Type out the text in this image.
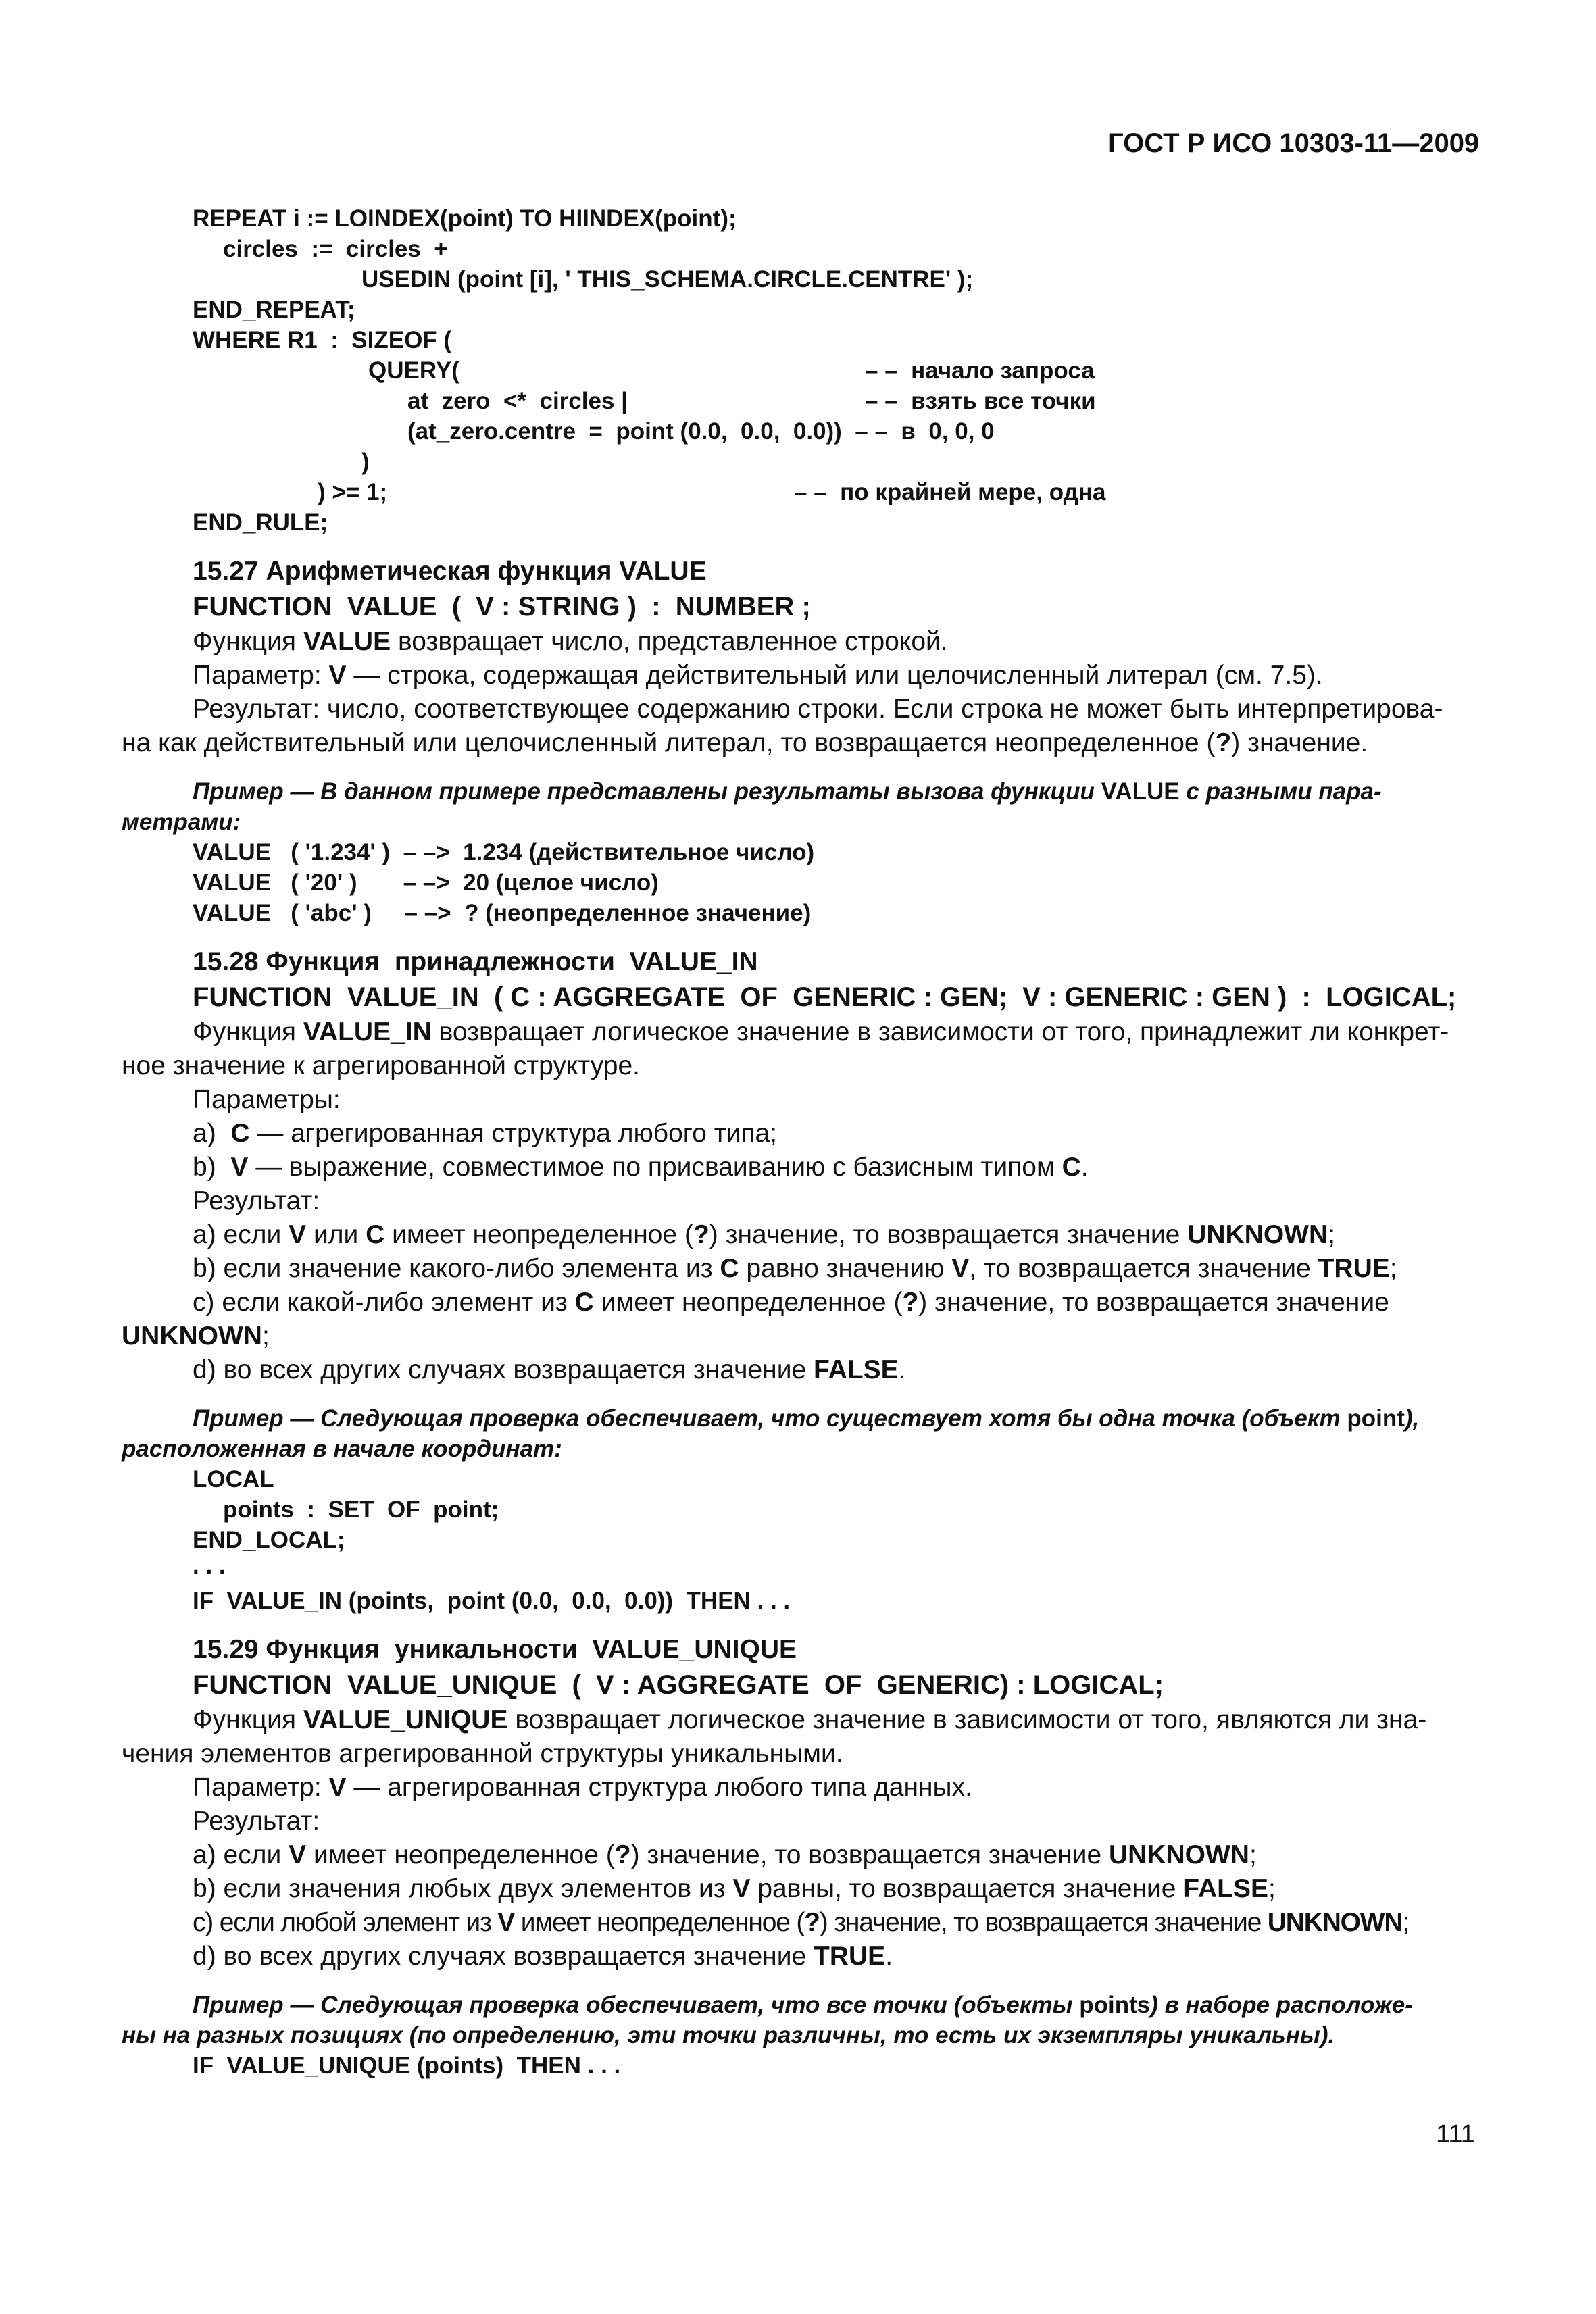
ГОСТ Р ИСО 10303-11—2009
REPEAT i := LOINDEX(point) TO HIINDEX(point);
circles  :=  circles  +
USEDIN (point [i], ' THIS_SCHEMA.CIRCLE.CENTRE' );
END_REPEAT;
WHERE R1  :  SIZEOF (
QUERY(	– –  начало запроса
at  zero  <*  circles |	– –  взять все точки
(at_zero.centre  =  point (0.0,  0.0,  0.0))  – –  в  0, 0, 0
)
) >= 1;	– –  по крайней мере, одна
END_RULE;
15.27 Арифметическая функция VALUE
FUNCTION  VALUE  (  V : STRING )  :  NUMBER ;
Функция VALUE возвращает число, представленное строкой.
Параметр: V — строка, содержащая действительный или целочисленный литерал (см. 7.5).
Результат: число, соответствующее содержанию строки. Если строка не может быть интерпретирова-
на как действительный или целочисленный литерал, то возвращается неопределенное (?) значение.
Пример — В данном примере представлены результаты вызова функции VALUE с разными пара-
метрами:
VALUE   ( '1.234' )  – –>  1.234 (действительное число)
VALUE   ( '20' )       – –>  20 (целое число)
VALUE   ( 'abc' )     – –>  ? (неопределенное значение)
15.28 Функция  принадлежности  VALUE_IN
FUNCTION  VALUE_IN  ( C : AGGREGATE  OF  GENERIC : GEN;  V : GENERIC : GEN )  :  LOGICAL;
Функция VALUE_IN возвращает логическое значение в зависимости от того, принадлежит ли конкрет-
ное значение к агрегированной структуре.
Параметры:
a)  C — агрегированная структура любого типа;
b)  V — выражение, совместимое по присваиванию с базисным типом C.
Результат:
а) если V или C имеет неопределенное (?) значение, то возвращается значение UNKNOWN;
b) если значение какого-либо элемента из C равно значению V, то возвращается значение TRUE;
c) если какой-либо элемент из C имеет неопределенное (?) значение, то возвращается значение
UNKNOWN;
d) во всех других случаях возвращается значение FALSE.
Пример — Следующая проверка обеспечивает, что существует хотя бы одна точка (объект point),
расположенная в начале координат:
LOCAL
points  :  SET  OF  point;
END_LOCAL;
. . .
IF  VALUE_IN (points,  point (0.0,  0.0,  0.0))  THEN . . .
15.29 Функция  уникальности  VALUE_UNIQUE
FUNCTION  VALUE_UNIQUE  (  V : AGGREGATE  OF  GENERIC) : LOGICAL;
Функция VALUE_UNIQUE возвращает логическое значение в зависимости от того, являются ли зна-
чения элементов агрегированной структуры уникальными.
Параметр: V — агрегированная структура любого типа данных.
Результат:
а) если V имеет неопределенное (?) значение, то возвращается значение UNKNOWN;
b) если значения любых двух элементов из V равны, то возвращается значение FALSE;
с) если любой элемент из V имеет неопределенное (?) значение, то возвращается значение UNKNOWN;
d) во всех других случаях возвращается значение TRUE.
Пример — Следующая проверка обеспечивает, что все точки (объекты points) в наборе расположе-
ны на разных позициях (по определению, эти точки различны, то есть их экземпляры уникальны).
IF  VALUE_UNIQUE (points)  THEN . . .
111
